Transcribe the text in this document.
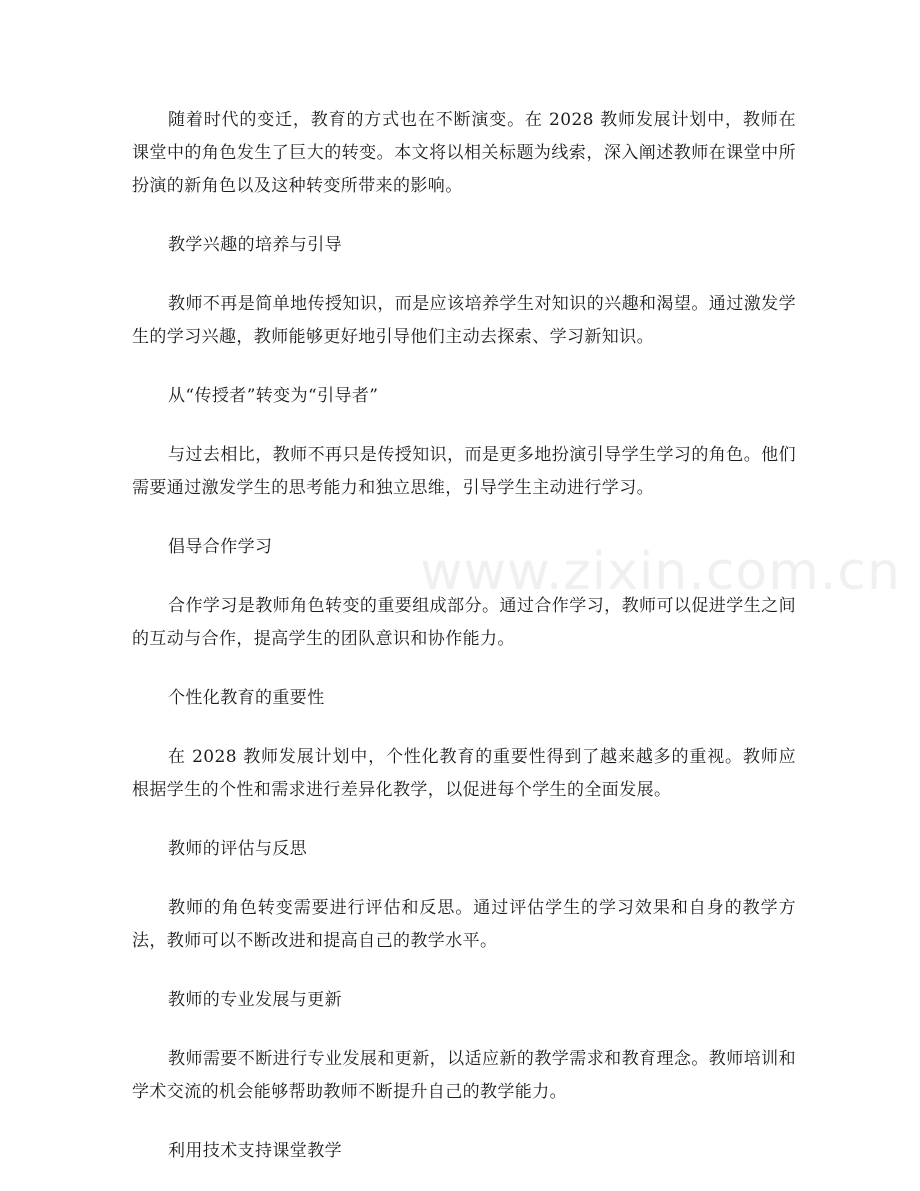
随着时代的变迁，教育的方式也在不断演变。在 2028 教师发展计划中，教师在课堂中的角色发生了巨大的转变。本文将以相关标题为线索，深入阐述教师在课堂中所扮演的新角色以及这种转变所带来的影响。

教学兴趣的培养与引导

教师不再是简单地传授知识，而是应该培养学生对知识的兴趣和渴望。通过激发学生的学习兴趣，教师能够更好地引导他们主动去探索、学习新知识。

从“传授者”转变为“引导者”

与过去相比，教师不再只是传授知识，而是更多地扮演引导学生学习的角色。他们需要通过激发学生的思考能力和独立思维，引导学生主动进行学习。

倡导合作学习

合作学习是教师角色转变的重要组成部分。通过合作学习，教师可以促进学生之间的互动与合作，提高学生的团队意识和协作能力。

个性化教育的重要性

在 2028 教师发展计划中，个性化教育的重要性得到了越来越多的重视。教师应根据学生的个性和需求进行差异化教学，以促进每个学生的全面发展。

教师的评估与反思

教师的角色转变需要进行评估和反思。通过评估学生的学习效果和自身的教学方法，教师可以不断改进和提高自己的教学水平。

教师的专业发展与更新

教师需要不断进行专业发展和更新，以适应新的教学需求和教育理念。教师培训和学术交流的机会能够帮助教师不断提升自己的教学能力。

利用技术支持课堂教学

www.zixin.com.cn
